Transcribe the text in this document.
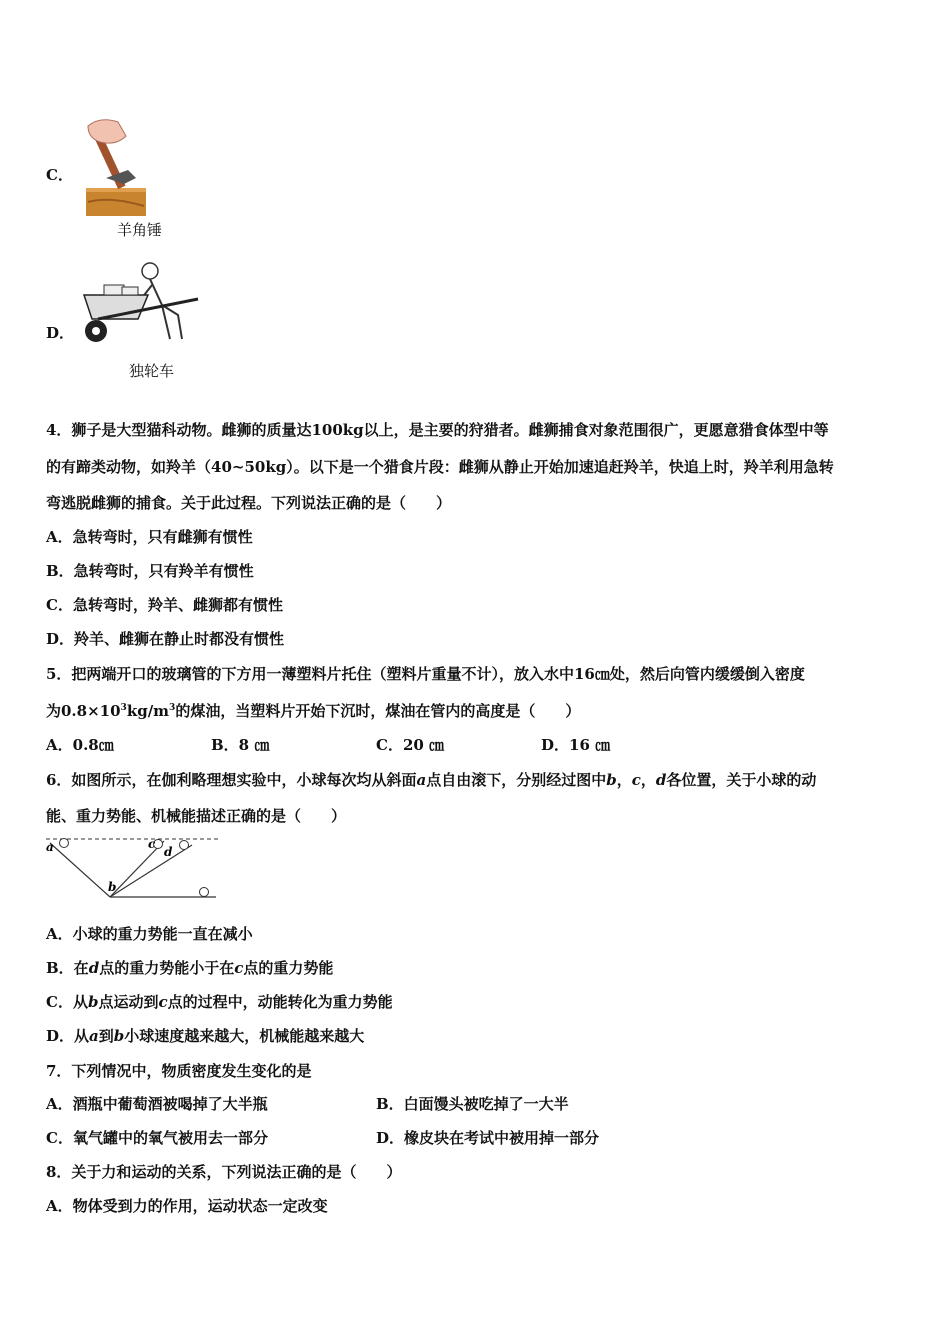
C．
羊角锤
D．
独轮车
4．狮子是大型猫科动物。雌狮的质量达100kg以上，是主要的狩猎者。雌狮捕食对象范围很广，更愿意猎食体型中等
的有蹄类动物，如羚羊（40~50kg）。以下是一个猎食片段：雌狮从静止开始加速追赶羚羊，快追上时，羚羊利用急转
弯逃脱雌狮的捕食。关于此过程。下列说法正确的是（　　）
A．急转弯时，只有雌狮有惯性
B．急转弯时，只有羚羊有惯性
C．急转弯时，羚羊、雌狮都有惯性
D．羚羊、雌狮在静止时都没有惯性
5．把两端开口的玻璃管的下方用一薄塑料片托住（塑料片重量不计），放入水中16㎝处，然后向管内缓缓倒入密度
为$0.8\times 10^3kg/m^3$的煤油，当塑料片开始下沉时，煤油在管内的高度是（　　）
A．0.8㎝	B．8 ㎝	C．20 ㎝	D．16 ㎝
6．如图所示，在伽利略理想实验中，小球每次均从斜面a点自由滚下，分别经过图中b，c，d各位置，关于小球的动
能、重力势能、机械能描述正确的是（　　）
a
b
c
d
A．小球的重力势能一直在减小
B．在d点的重力势能小于在c点的重力势能
C．从b点运动到c点的过程中，动能转化为重力势能
D．从a到b小球速度越来越大，机械能越来越大
7．下列情况中，物质密度发生变化的是
A．酒瓶中葡萄酒被喝掉了大半瓶	B．白面馒头被吃掉了一大半
C．氧气罐中的氧气被用去一部分	D．橡皮块在考试中被用掉一部分
8．关于力和运动的关系，下列说法正确的是（　　）
A．物体受到力的作用，运动状态一定改变
